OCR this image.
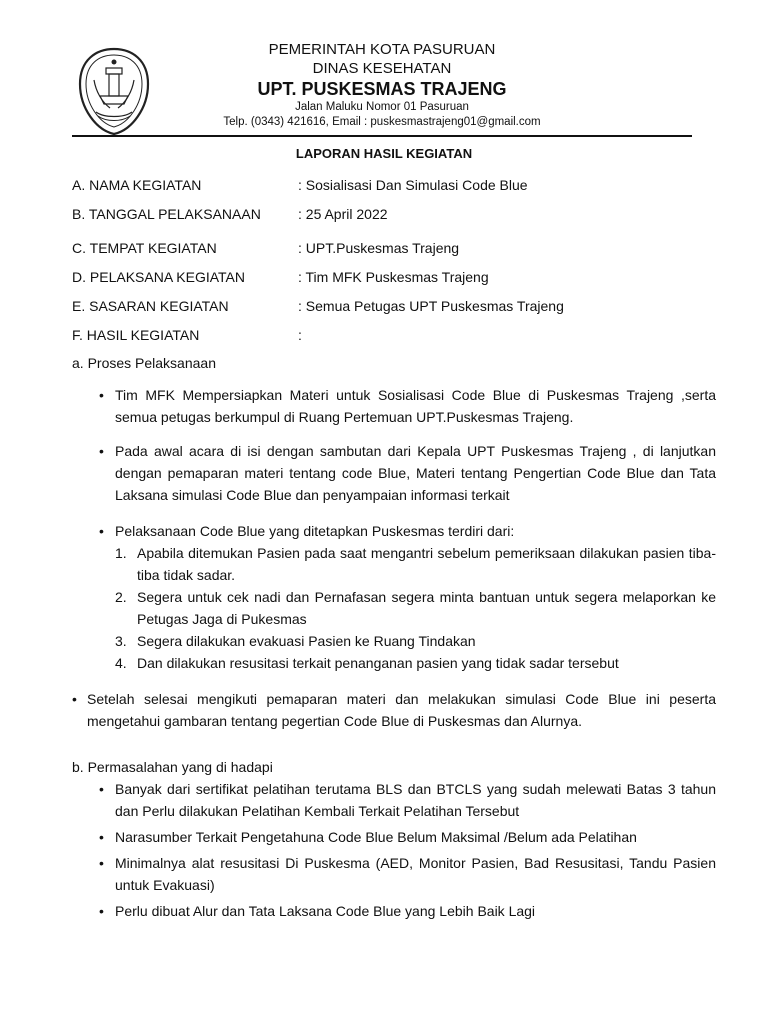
PEMERINTAH KOTA PASURUAN
DINAS KESEHATAN
UPT. PUSKESMAS TRAJENG
Jalan Maluku Nomor 01 Pasuruan
Telp. (0343) 421616, Email : puskesmastrajeng01@gmail.com
LAPORAN HASIL KEGIATAN
A. NAMA KEGIATAN	: Sosialisasi Dan Simulasi Code Blue
B. TANGGAL PELAKSANAAN	: 25 April 2022
C. TEMPAT KEGIATAN	: UPT.Puskesmas Trajeng
D. PELAKSANA KEGIATAN	: Tim MFK Puskesmas Trajeng
E. SASARAN KEGIATAN	: Semua Petugas UPT Puskesmas Trajeng
F. HASIL KEGIATAN	:

a. Proses Pelaksanaan

• Tim MFK Mempersiapkan Materi untuk Sosialisasi Code Blue di Puskesmas Trajeng ,serta semua petugas berkumpul di Ruang Pertemuan UPT.Puskesmas Trajeng.
• Pada awal acara di isi dengan sambutan dari Kepala UPT Puskesmas Trajeng , di lanjutkan dengan pemaparan materi tentang code Blue, Materi tentang Pengertian Code Blue dan Tata Laksana simulasi Code Blue dan penyampaian informasi terkait
• Pelaksanaan Code Blue yang ditetapkan Puskesmas terdiri dari:
1. Apabila ditemukan Pasien pada saat mengantri sebelum pemeriksaan dilakukan pasien tiba-tiba tidak sadar.
2. Segera untuk cek nadi dan Pernafasan segera minta bantuan untuk segera melaporkan ke Petugas Jaga di Pukesmas
3. Segera dilakukan evakuasi Pasien ke Ruang Tindakan
4. Dan dilakukan resusitasi terkait penanganan pasien yang tidak sadar tersebut
• Setelah selesai mengikuti pemaparan materi dan melakukan simulasi Code Blue ini peserta mengetahui gambaran tentang pegertian Code Blue di Puskesmas dan Alurnya.

b. Permasalahan yang di hadapi

• Banyak dari sertifikat pelatihan terutama BLS dan BTCLS yang sudah melewati Batas 3 tahun dan Perlu dilakukan Pelatihan Kembali Terkait Pelatihan Tersebut
• Narasumber Terkait Pengetahuna Code Blue Belum Maksimal /Belum ada Pelatihan
• Minimalnya alat resusitasi Di Puskesma (AED, Monitor Pasien, Bad Resusitasi, Tandu Pasien untuk Evakuasi)
• Perlu dibuat Alur dan Tata Laksana Code Blue yang Lebih Baik Lagi
